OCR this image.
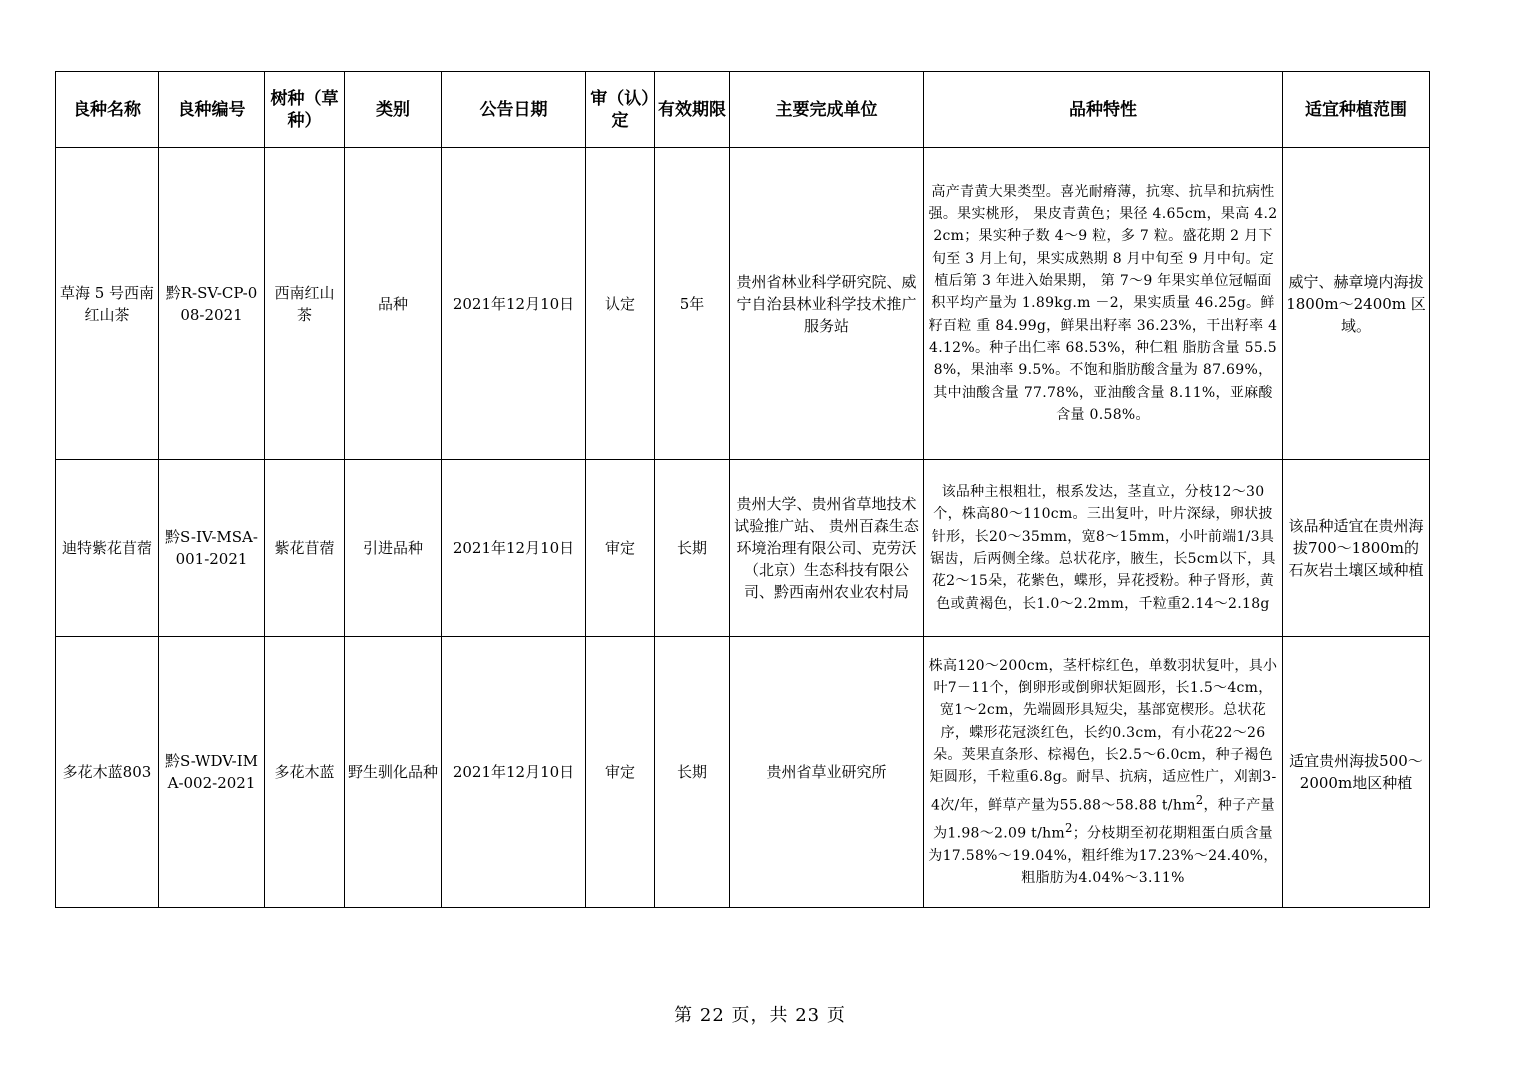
良种名称	良种编号	树种（草种）	类别	公告日期	审（认）定	有效期限	主要完成单位	品种特性	适宜种植范围
草海 5 号西南红山茶	黔R-SV-CP-008-2021	西南红山茶	品种	2021年12月10日	认定	5年	贵州省林业科学研究院、威宁自治县林业科学技术推广服务站	高产青黄大果类型。喜光耐瘠薄，抗寒、抗旱和抗病性强。果实桃形， 果皮青黄色；果径 4.65cm，果高 4.22cm；果实种子数 4～9 粒，多 7 粒。盛花期 2 月下旬至 3 月上旬，果实成熟期 8 月中旬至 9 月中旬。定植后第 3 年进入始果期， 第 7～9 年果实单位冠幅面积平均产量为 1.89kg.m －2，果实质量 46.25g。鲜籽百粒 重 84.99g，鲜果出籽率 36.23%，干出籽率 44.12%。种子出仁率 68.53%，种仁粗 脂肪含量 55.58%，果油率 9.5%。不饱和脂肪酸含量为 87.69%，其中油酸含量 77.78%，亚油酸含量 8.11%，亚麻酸含量 0.58%。	威宁、赫章境内海拔 1800m～2400m 区域。
迪特紫花苜蓿	黔S-IV-MSA-001-2021	紫花苜蓿	引进品种	2021年12月10日	审定	长期	贵州大学、贵州省草地技术试验推广站、 贵州百森生态环境治理有限公司、克劳沃（北京）生态科技有限公司、黔西南州农业农村局	该品种主根粗壮，根系发达，茎直立，分枝12～30个，株高80～110cm。三出复叶，叶片深绿，卵状披针形，长20～35mm，宽8～15mm，小叶前端1/3具锯齿，后两侧全缘。总状花序，腋生，长5cm以下，具花2～15朵，花紫色，蝶形，异花授粉。种子肾形，黄色或黄褐色，长1.0～2.2mm，千粒重2.14～2.18g	该品种适宜在贵州海拔700～1800m的石灰岩土壤区域种植
多花木蓝803	黔S-WDV-IMA-002-2021	多花木蓝	野生驯化品种	2021年12月10日	审定	长期	贵州省草业研究所	株高120～200cm，茎杆棕红色，单数羽状复叶，具小叶7－11个，倒卵形或倒卵状矩圆形，长1.5～4cm，宽1～2cm，先端圆形具短尖，基部宽楔形。总状花序，蝶形花冠淡红色，长约0.3cm，有小花22～26朵。荚果直条形、棕褐色，长2.5～6.0cm，种子褐色矩圆形，千粒重6.8g。耐旱、抗病，适应性广，刈割3-4次/年，鲜草产量为55.88～58.88 $t/hm^2$，种子产量为1.98～2.09 $t/hm^2$；分枝期至初花期粗蛋白质含量为17.58%～19.04%，粗纤维为17.23%～24.40%，粗脂肪为4.04%～3.11%	适宜贵州海拔500～2000m地区种植
第 22 页，共 23 页
